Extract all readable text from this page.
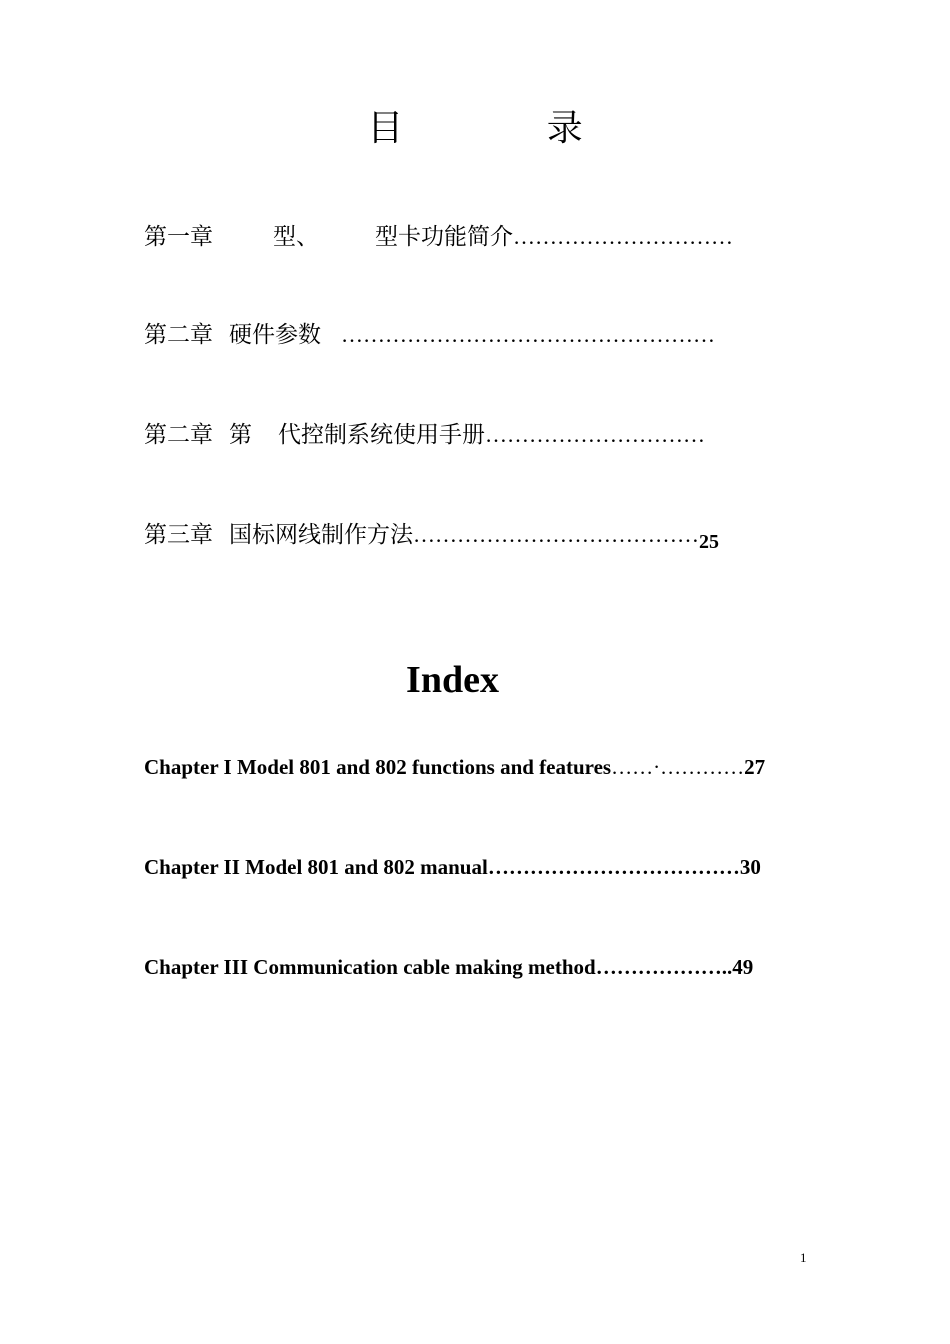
目 录
第一章	型、 型卡功能简介…………………………
第二章 硬件参数 ……………………………………………
第二章 第 代控制系统使用手册…………………………
第三章 国标网线制作方法…………………………………25
Index
Chapter I Model 801 and 802 functions and features……·…………27
Chapter II Model 801 and 802 manual………………………………30
Chapter III Communication cable making method………………..49
1
